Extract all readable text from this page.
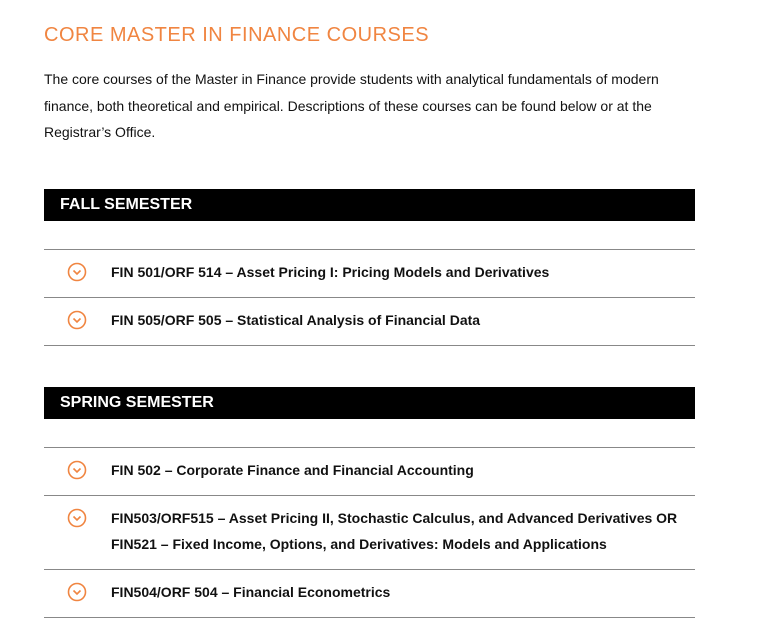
CORE MASTER IN FINANCE COURSES

The core courses of the Master in Finance provide students with analytical fundamentals of modern finance, both theoretical and empirical. Descriptions of these courses can be found below or at the Registrar’s Office.

FALL SEMESTER
FIN 501/ORF 514 – Asset Pricing I: Pricing Models and Derivatives
FIN 505/ORF 505 – Statistical Analysis of Financial Data
SPRING SEMESTER
FIN 502 – Corporate Finance and Financial Accounting
FIN503/ORF515 – Asset Pricing II, Stochastic Calculus, and Advanced Derivatives OR FIN521 – Fixed Income, Options, and Derivatives: Models and Applications
FIN504/ORF 504 – Financial Econometrics
